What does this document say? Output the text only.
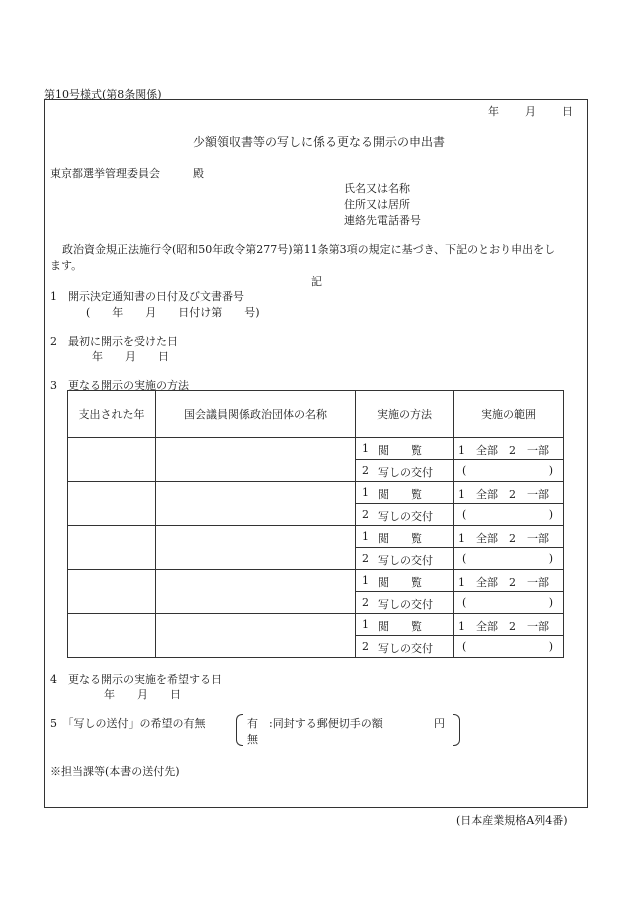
第10号様式(第8条関係)
年 月 日
少額領収書等の写しに係る更なる開示の申出書
東京都選挙管理委員会	殿
氏名又は名称
住所又は居所
連絡先電話番号
政治資金規正法施行令(昭和50年政令第277号)第11条第3項の規定に基づき、下記のとおり申出をし
ます。
記
1　開示決定通知書の日付及び文書番号
(　　年　　月　　日付け第　　号)
2　最初に開示を受けた日
年　　月　　日
3　更なる開示の実施の方法
支出された年	国会議員関係政治団体の名称	実施の方法	実施の範囲

		1 閲　　覧	1　全部　2　一部

		2 写しの交付	( )

		1 閲　　覧	1　全部　2　一部

		2 写しの交付	( )

		1 閲　　覧	1　全部　2　一部

		2 写しの交付	( )

		1 閲　　覧	1　全部　2　一部

		2 写しの交付	( )

		1 閲　　覧	1　全部　2　一部

		2 写しの交付	( )
4　更なる開示の実施を希望する日
年　　月　　日
5　「写しの送付」の希望の有無	有　:同封する郵便切手の額	円
無
※担当課等(本書の送付先)
(日本産業規格A列4番)
